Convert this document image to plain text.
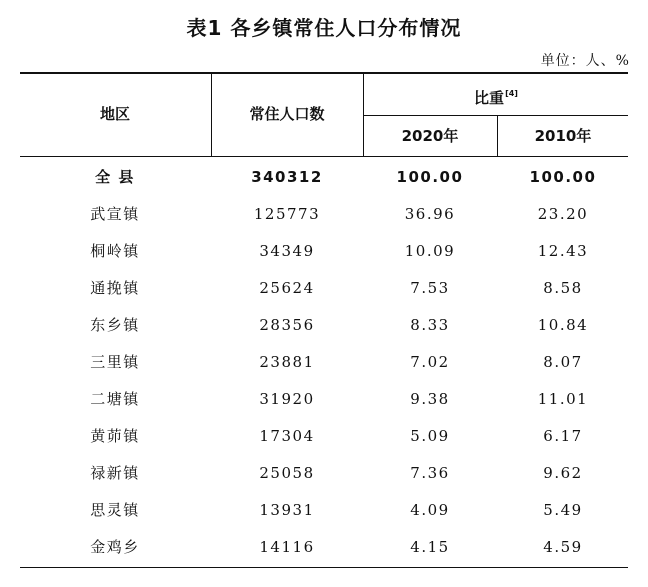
表1 各乡镇常住人口分布情况
单位：人、%
地区	常住人口数
比重[4]
2020年	2010年
全 县	340312	100.00	100.00
武宣镇	125773	36.96	23.20
桐岭镇	34349	10.09	12.43
通挽镇	25624	7.53	8.58
东乡镇	28356	8.33	10.84
三里镇	23881	7.02	8.07
二塘镇	31920	9.38	11.01
黄茆镇	17304	5.09	6.17
禄新镇	25058	7.36	9.62
思灵镇	13931	4.09	5.49
金鸡乡	14116	4.15	4.59
